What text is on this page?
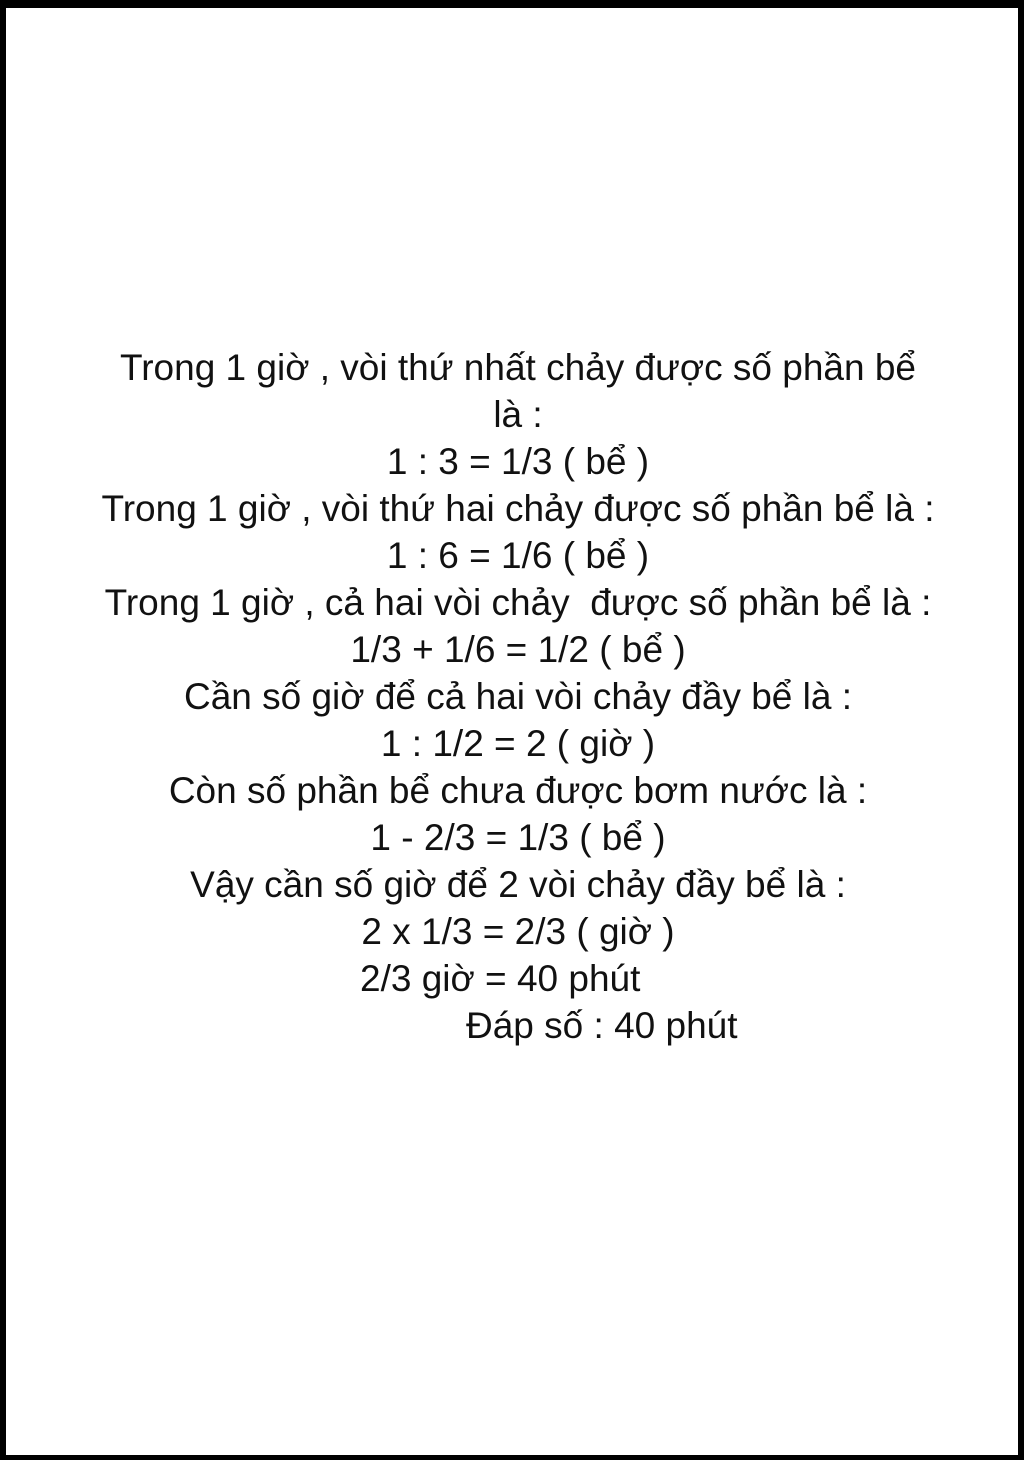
Trong 1 giờ , vòi thứ nhất chảy được số phần bể
là :
1 : 3 = 1/3 ( bể )
Trong 1 giờ , vòi thứ hai chảy được số phần bể là :
1 : 6 = 1/6 ( bể )
Trong 1 giờ , cả hai vòi chảy  được số phần bể là :
1/3 + 1/6 = 1/2 ( bể )
Cần số giờ để cả hai vòi chảy đầy bể là :
1 : 1/2 = 2 ( giờ )
Còn số phần bể chưa được bơm nước là :
1 - 2/3 = 1/3 ( bể )
Vậy cần số giờ để 2 vòi chảy đầy bể là :
2 x 1/3 = 2/3 ( giờ )
2/3 giờ = 40 phút
Đáp số : 40 phút
